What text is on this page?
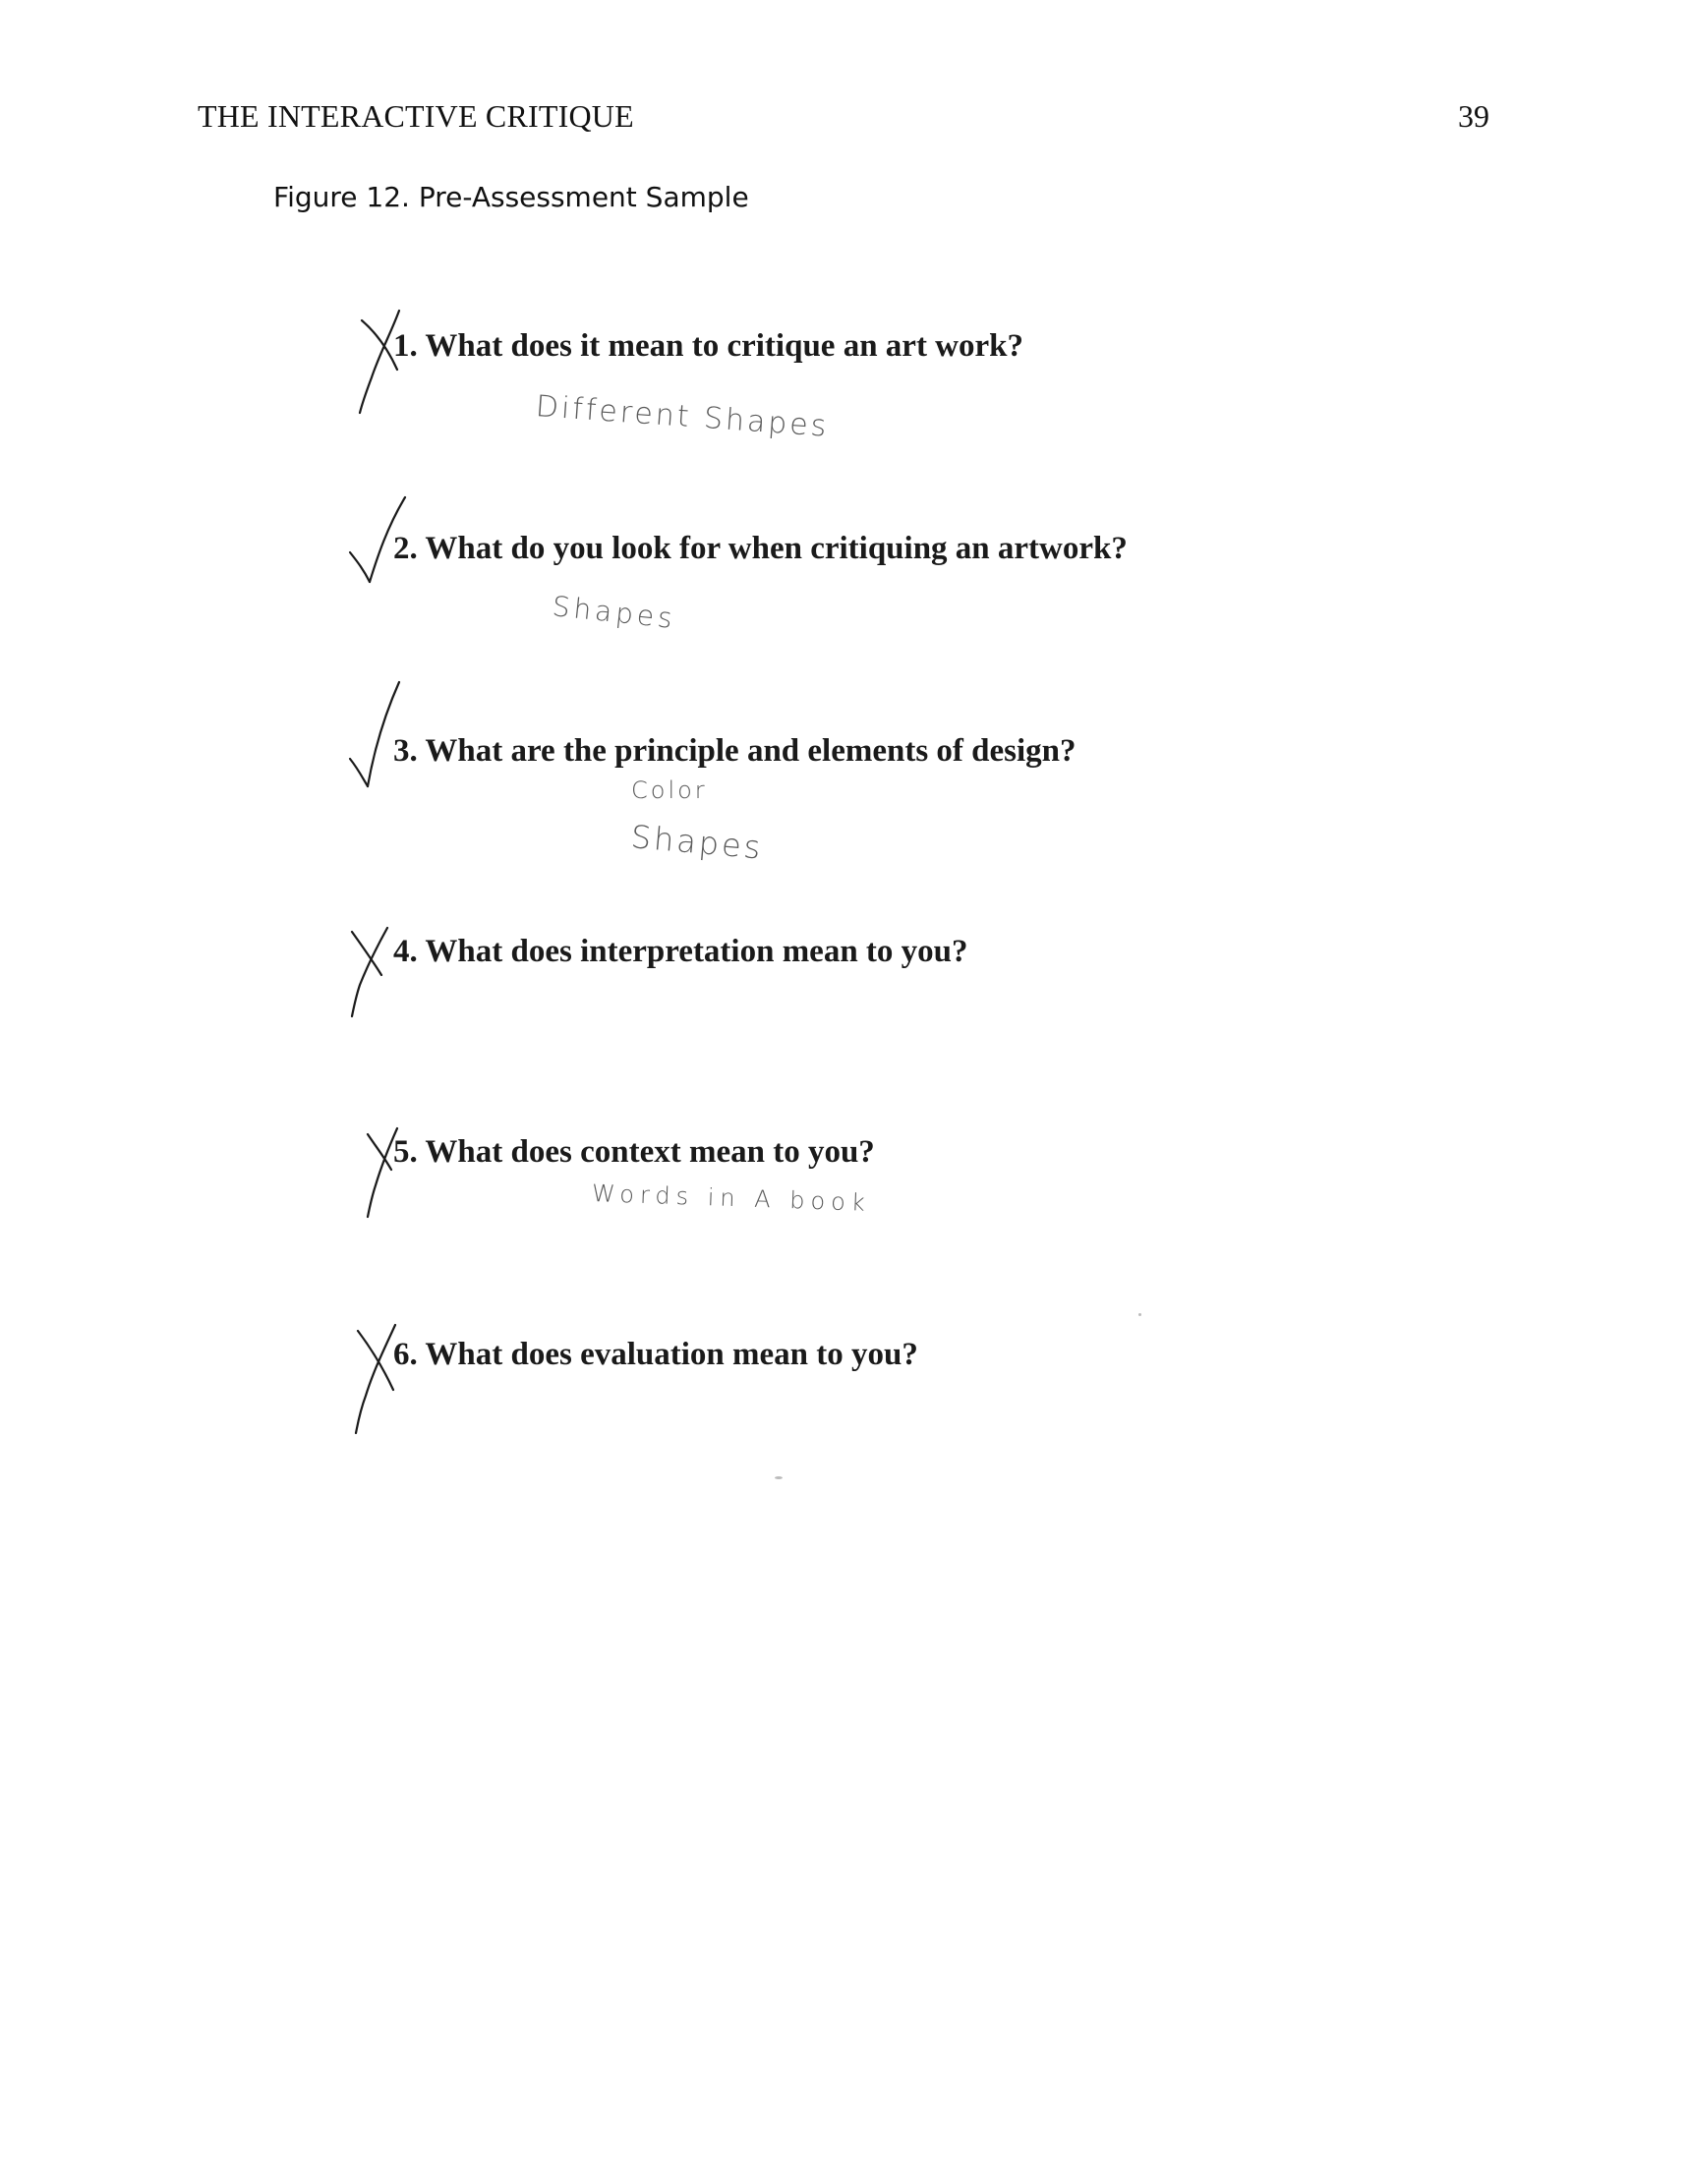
THE INTERACTIVE CRITIQUE	39
Figure 12. Pre-Assessment Sample
1. What does it mean to critique an art work?
Different Shapes
2. What do you look for when critiquing an artwork?
Shapes
3. What are the principle and elements of design?
Color
Shapes
4. What does interpretation mean to you?
5. What does context mean to you?
Words in A book
6. What does evaluation mean to you?
